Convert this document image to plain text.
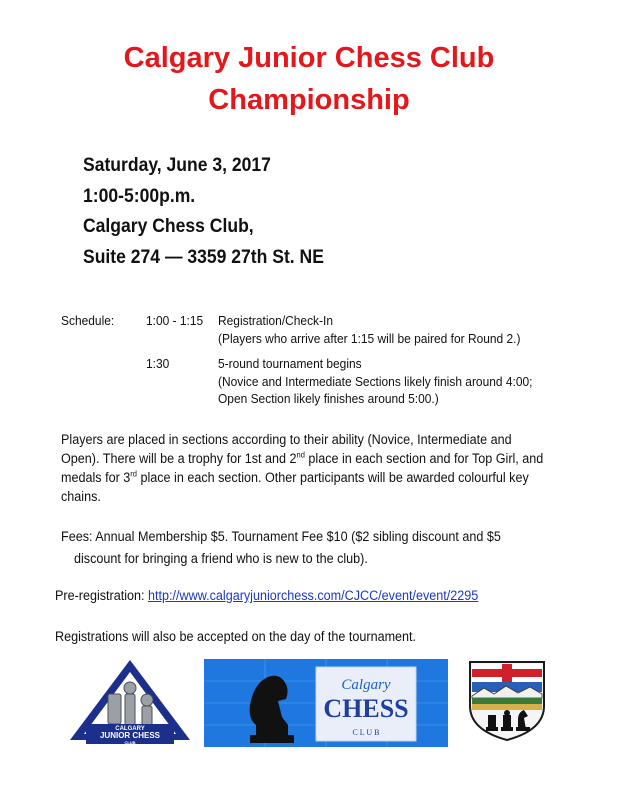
Calgary Junior Chess Club
Championship
Saturday, June 3, 2017
1:00-5:00p.m.
Calgary Chess Club,
Suite 274 — 3359 27th St. NE
Schedule: 1:00 - 1:15 Registration/Check-In
(Players who arrive after 1:15 will be paired for Round 2.)
1:30	5-round tournament begins
(Novice and Intermediate Sections likely finish around 4:00;
Open Section likely finishes around 5:00.)
Players are placed in sections according to their ability (Novice, Intermediate and
Open). There will be a trophy for 1st and 2nd place in each section and for Top Girl, and
medals for 3rd place in each section. Other participants will be awarded colourful key
chains.
Fees: Annual Membership $5. Tournament Fee $10 ($2 sibling discount and $5
discount for bringing a friend who is new to the club).
Pre-registration: http://www.calgaryjuniorchess.com/CJCC/event/event/2295
Registrations will also be accepted on the day of the tournament.
CALGARY
JUNIOR CHESS
CLUB
Calgary
CHESS
C L U B
